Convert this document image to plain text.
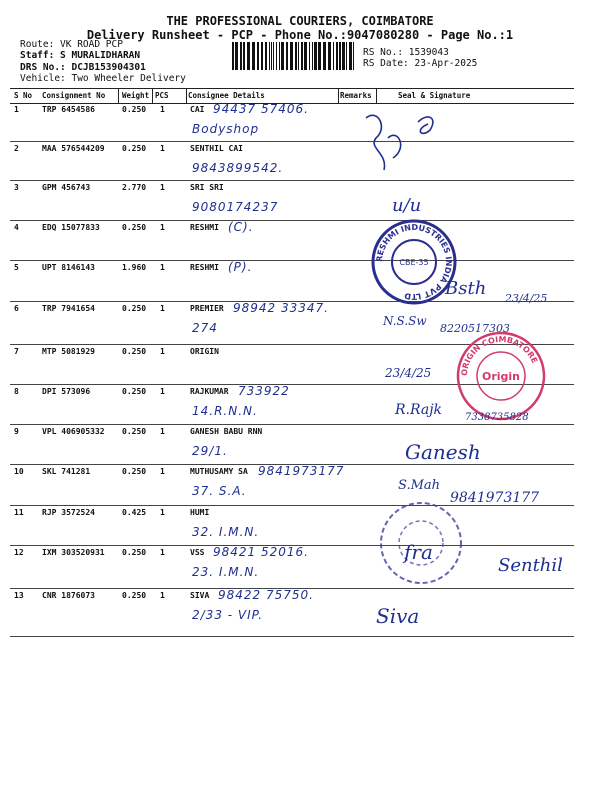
THE PROFESSIONAL COURIERS, COIMBATORE
Delivery Runsheet - PCP - Phone No.:9047080280 - Page No.:1
Route: VK ROAD PCP
Staff: S MURALIDHARAN
DRS No.: DCJB153904301
Vehicle: Two Wheeler Delivery
RS No.: 1539043
RS Date: 23-Apr-2025
S No Consignment No Weight PCS	Consignee Details	Remarks	Seal & Signature
1	TRP 6454586	0.250 1	CAI 94437 57406.
Bodyshop
2	MAA 576544209 0.250 1	SENTHIL CAI
9843899542.
3	GPM 456743	2.770 1	SRI SRI
9080174237
4	EDQ 15077833	0.250 1	RESHMI (C).
5	UPT 8146143	1.960 1	RESHMI (P).
6	TRP 7941654	0.250 1	PREMIER 98942 33347.
274
7	MTP 5081929	0.250 1	ORIGIN
8	DPI 573096	0.250 1	RAJKUMAR 733922
14.R.N.N.
9	VPL 406905332 0.250 1	GANESH BABU RNN
29/1.
10 SKL 741281	0.250 1	MUTHUSAMY SA 9841973177
37. S.A.
11 RJP 3572524	0.425 1	HUMI
32. I.M.N.
12 IXM 303520931 0.250 1	VSS 98421 52016.
23. I.M.N.
13 CNR 1876073	0.250 1	SIVA 98422 75750.
2/33 - VIP.
RESHMI INDUSTRIES INDIA PVT LTD
CBE-35
ORIGIN COIMBATORE
Origin
u/u
Bsth 23/4/25
N.S.Sw
8220517303
23/4/25
R.Rajk 7338735828
Ganesh
S.Mah
9841973177
fra
Senthil
Siva
